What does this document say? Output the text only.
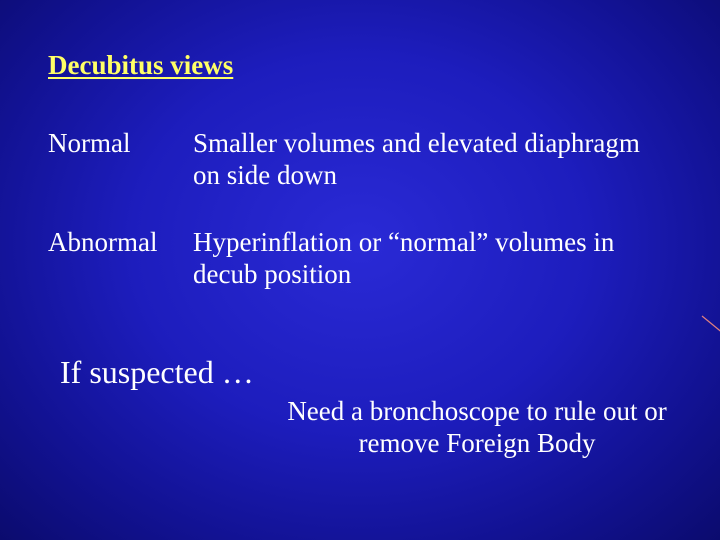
Decubitus views
Normal Smaller volumes and elevated diaphragm on side down
Abnormal Hyperinflation or “normal” volumes in decub position
If suspected …
Need a bronchoscope to rule out or remove Foreign Body
